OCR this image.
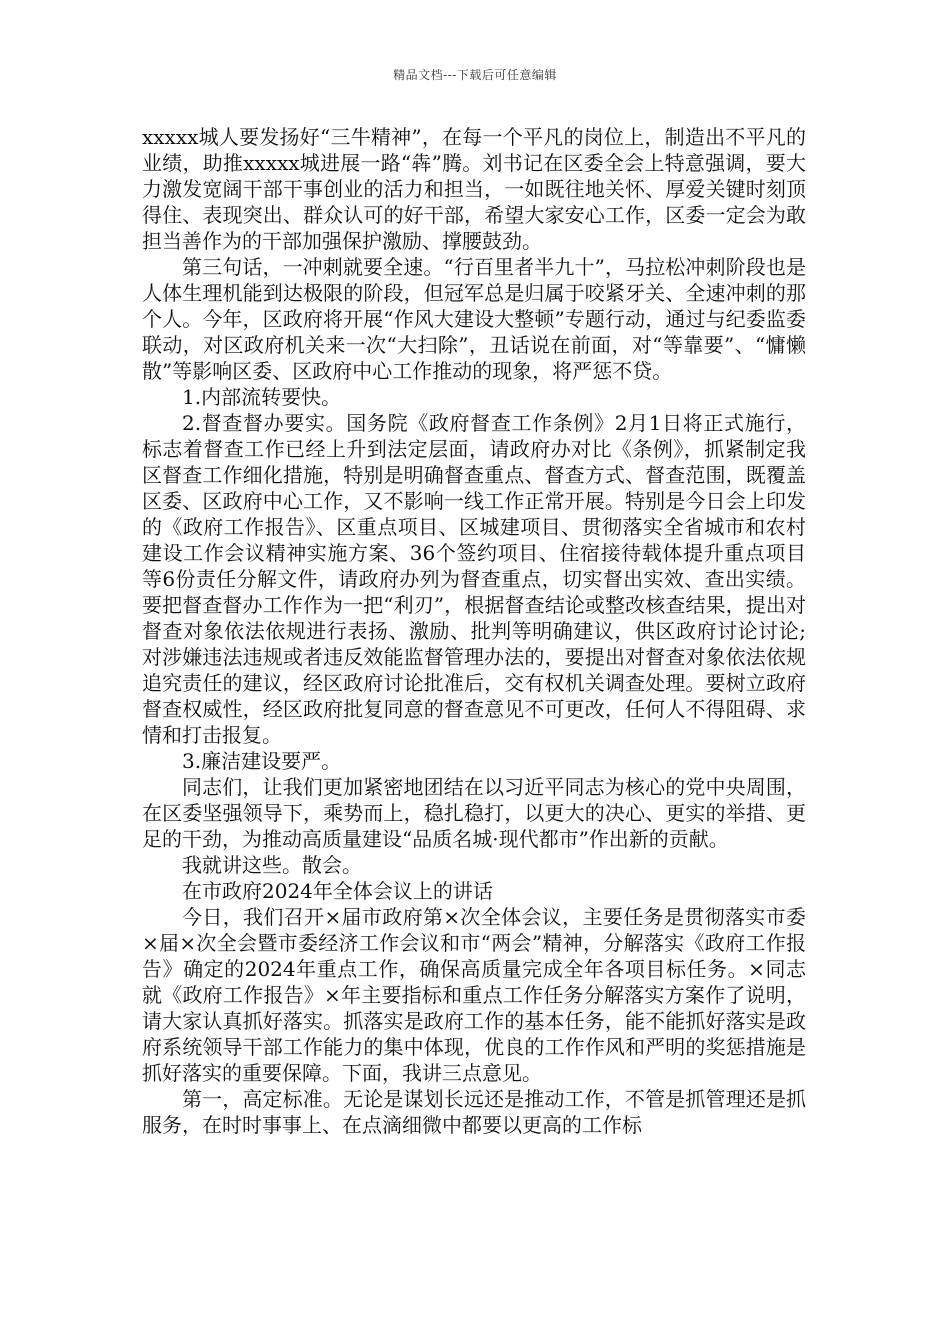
精品文档---下载后可任意编辑

xxxxx城人要发扬好“三牛精神”，在每一个平凡的岗位上，制造出不平凡的业绩，助推xxxxx城进展一路“犇”腾。刘书记在区委全会上特意强调，要大力激发宽阔干部干事创业的活力和担当，一如既往地关怀、厚爱关键时刻顶得住、表现突出、群众认可的好干部，希望大家安心工作，区委一定会为敢担当善作为的干部加强保护激励、撑腰鼓劲。

第三句话，一冲刺就要全速。“行百里者半九十”，马拉松冲刺阶段也是人体生理机能到达极限的阶段，但冠军总是归属于咬紧牙关、全速冲刺的那个人。今年，区政府将开展“作风大建设大整顿”专题行动，通过与纪委监委联动，对区政府机关来一次“大扫除”，丑话说在前面，对“等靠要”、“慵懒散”等影响区委、区政府中心工作推动的现象，将严惩不贷。

1.内部流转要快。

2.督查督办要实。国务院《政府督查工作条例》2月1日将正式施行，标志着督查工作已经上升到法定层面，请政府办对比《条例》，抓紧制定我区督查工作细化措施，特别是明确督查重点、督查方式、督查范围，既覆盖区委、区政府中心工作，又不影响一线工作正常开展。特别是今日会上印发的《政府工作报告》、区重点项目、区城建项目、贯彻落实全省城市和农村建设工作会议精神实施方案、36个签约项目、住宿接待载体提升重点项目等6份责任分解文件，请政府办列为督查重点，切实督出实效、查出实绩。要把督查督办工作作为一把“利刃”，根据督查结论或整改核查结果，提出对督查对象依法依规进行表扬、激励、批判等明确建议，供区政府讨论讨论;对涉嫌违法违规或者违反效能监督管理办法的，要提出对督查对象依法依规追究责任的建议，经区政府讨论批准后，交有权机关调查处理。要树立政府督查权威性，经区政府批复同意的督查意见不可更改，任何人不得阻碍、求情和打击报复。

3.廉洁建设要严。

同志们，让我们更加紧密地团结在以习近平同志为核心的党中央周围，在区委坚强领导下，乘势而上，稳扎稳打，以更大的决心、更实的举措、更足的干劲，为推动高质量建设“品质名城·现代都市”作出新的贡献。

我就讲这些。散会。

在市政府2024年全体会议上的讲话

今日，我们召开×届市政府第×次全体会议，主要任务是贯彻落实市委×届×次全会暨市委经济工作会议和市“两会”精神，分解落实《政府工作报告》确定的2024年重点工作，确保高质量完成全年各项目标任务。×同志就《政府工作报告》×年主要指标和重点工作任务分解落实方案作了说明，请大家认真抓好落实。抓落实是政府工作的基本任务，能不能抓好落实是政府系统领导干部工作能力的集中体现，优良的工作作风和严明的奖惩措施是抓好落实的重要保障。下面，我讲三点意见。

第一，高定标准。无论是谋划长远还是推动工作，不管是抓管理还是抓服务，在时时事事上、在点滴细微中都要以更高的工作标
